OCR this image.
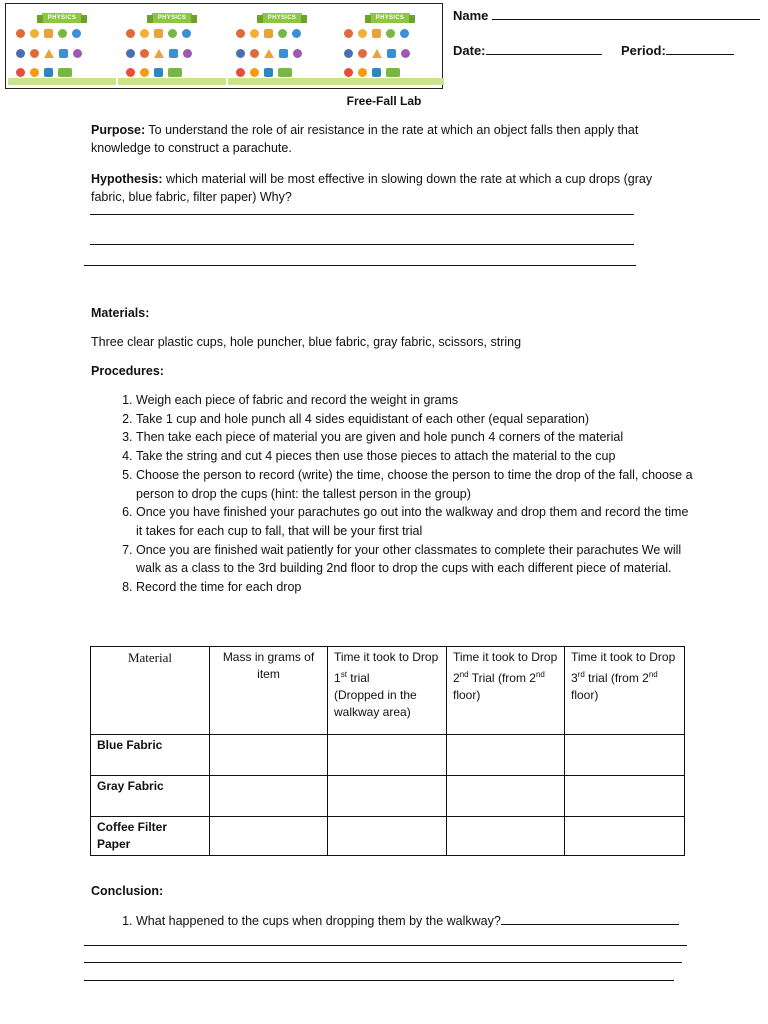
PHYSICS	PHYSICS	PHYSICS	PHYSICS	Name
Date:	Period:
Free-Fall Lab

Purpose: To understand the role of air resistance in the rate at which an object falls then apply that knowledge to construct a parachute.

Hypothesis: which material will be most effective in slowing down the rate at which a cup drops (gray fabric, blue fabric, filter paper) Why?

Materials:

Three clear plastic cups, hole puncher, blue fabric, gray fabric, scissors, string

Procedures:

1. Weigh each piece of fabric and record the weight in grams
2. Take 1 cup and hole punch all 4 sides equidistant of each other (equal separation)
3. Then take each piece of material you are given and hole punch 4 corners of the material
4. Take the string and cut 4 pieces then use those pieces to attach the material to the cup
5. Choose the person to record (write) the time, choose the person to time the drop of the fall, choose a person to drop the cups (hint: the tallest person in the group)
6. Once you have finished your parachutes go out into the walkway and drop them and record the time it takes for each cup to fall, that will be your first trial
7. Once you are finished wait patiently for your other classmates to complete their parachutes We will walk as a class to the 3rd building 2nd floor to drop the cups with each different piece of material.
8. Record the time for each drop
Material	Mass in grams of item	Time it took to Drop
1st trial
(Dropped in the walkway area)	Time it took to Drop 2nd Trial (from 2nd floor)	Time it took to Drop 3rd trial (from 2nd floor)
Blue Fabric				
Gray Fabric				
Coffee Filter Paper				

Conclusion:

1. What happened to the cups when dropping them by the walkway?
